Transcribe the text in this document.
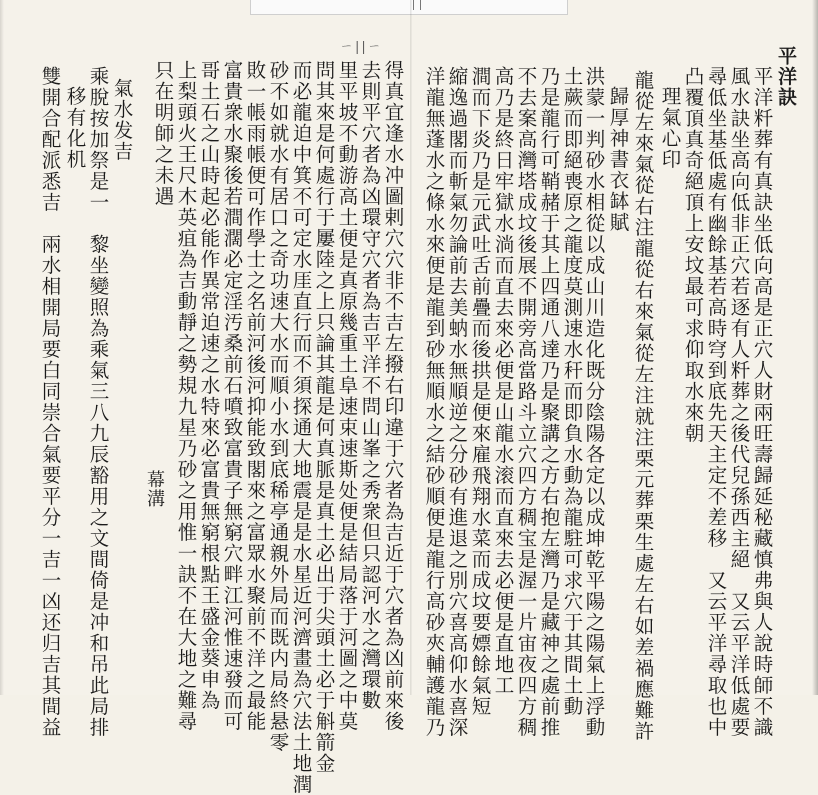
ㄧ||ㄧ	平洋訣
平洋粁葬有真訣坐低向高是正穴人財兩旺壽歸延秘藏慎弗與人說時師不識
風水訣坐高向低非正穴若逐有人粁葬之後代兒孫西主絕　又云平洋低處要
尋低坐基低處有幽餘基若高時穹到底先天主定不差移　又云平洋尋取也中
凸覆頂真奇絕頂上安坟最可求仰取水來朝
理氣心印
龍從左來氣從右注龍從右來氣從左注就注栗元葬栗生處左右如差禍應難許
歸厚神書衣缽賦
洪蒙一判砂水相從以成山川造化既分陰陽各定以成坤乾平陽之陽氣上浮動
土蕨而即絕喪原之龍度莫測速水秆而即負水動為龍駐可求穴于其間土動
乃是龍行可鞘赭于其上四通八達乃是聚講之方右抱左灣乃是藏神之處前推
不去案高灣塔成坟後展不開旁高當路斗立穴四方稠宝是渥一片宙夜四方稠
高乃是終日牢獄水淌而直去來必便是山龍水滚而直來去必便是直地工
澗而下炎乃是元武吐舌前疊而後拱是便來雇飛翔水菜而成坟要嫖餘氣短
縮逸過閣而斬氣勿論前去美蚋水無順逆之分砂有進退之別穴喜高仰水喜深
洋龍無蓬水之條水來便是龍到砂無順水之結砂順便是龍行高砂夾輔護龍乃
得真宜逢水冲圖剌穴穴非不吉左撥右印違于穴者為吉近于穴者為凶前來後
去則平穴者為凶環守穴者為吉平洋不問山峯之秀衆但只認河水之灣環數
里平坡不動游高土便是真原幾重土阜速束速斯处便是結局落于河圖之中莫
問其來是何處行于屢陸之上只論其龍是何真脈是真土必出于尖頭土必于斛箭金
而必龍迫中箕不可定水厓直行而不須探通大地震是是水星近河濟畫為穴法土地潤
砂不如就水有居口之奇功速大水而順小水到底稀亭通親外局而既内局終悬零
敗一帳雨帳便可作學士之名前河後河抑能致閣來之富眾水聚前不洋之最能
富貴衆水聚後若澗濶必定淫汚桑前石噴致富貴子無窮穴畔江河惟速發而可
哥土石之山時起必能作異常迫速之水特來必富貴無窮根點王盛金葵申為
上梨頭火王尺木英疽為吉動靜之勢規九星乃砂之用惟一訣不在大地之難尋
只在明師之未遇
幕溝
氣水发吉
乘脫按加祭是一　黎坐變照為乘氣三八九辰豁用之文間倚是冲和吊此局排
移有化机
雙開合配派悉吉　兩水相開局要白同崇合氣要平分一吉一凶还归吉其間益
